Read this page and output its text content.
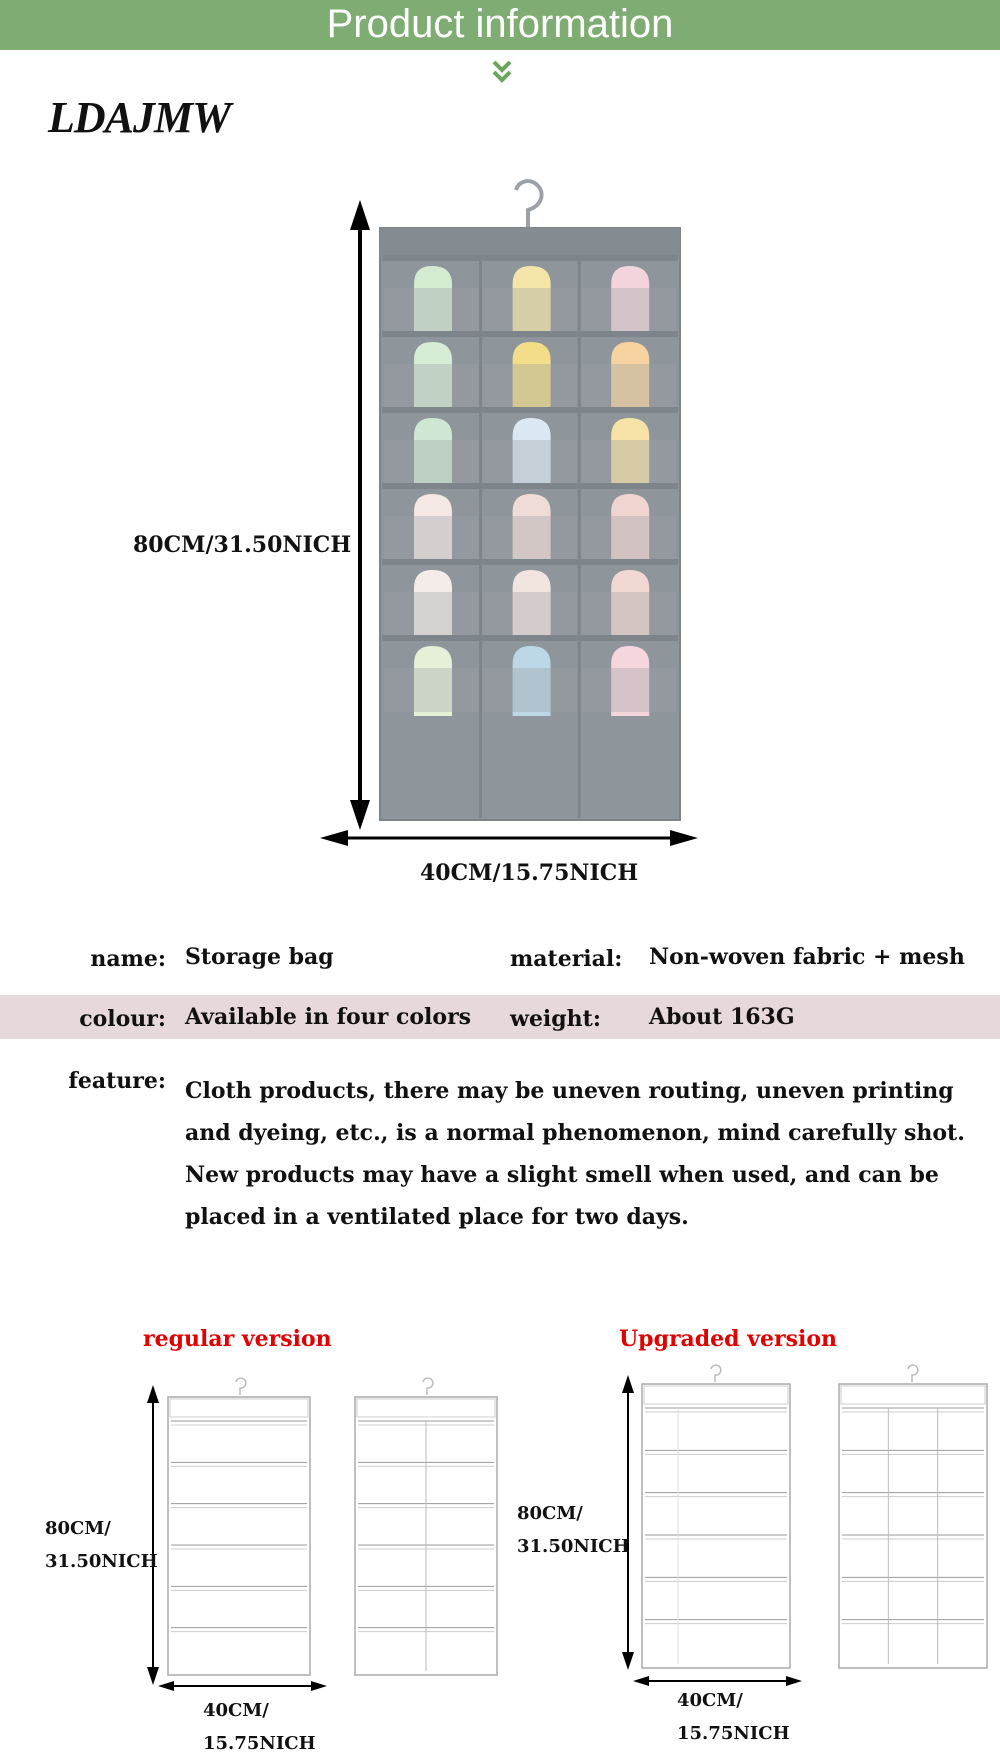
Product information
LDAJMW
80CM/31.50NICH
40CM/15.75NICH
name: Storage bag	material: Non-woven fabric + mesh
colour: Available in four colors weight: About 163G
feature: Cloth products, there may be uneven routing, uneven printing
and dyeing, etc., is a normal phenomenon, mind carefully shot.
New products may have a slight smell when used, and can be
placed in a ventilated place for two days.
regular version	Upgraded version
80CM/
31.50NICH
40CM/
15.75NICH
80CM/
31.50NICH
40CM/
15.75NICH
